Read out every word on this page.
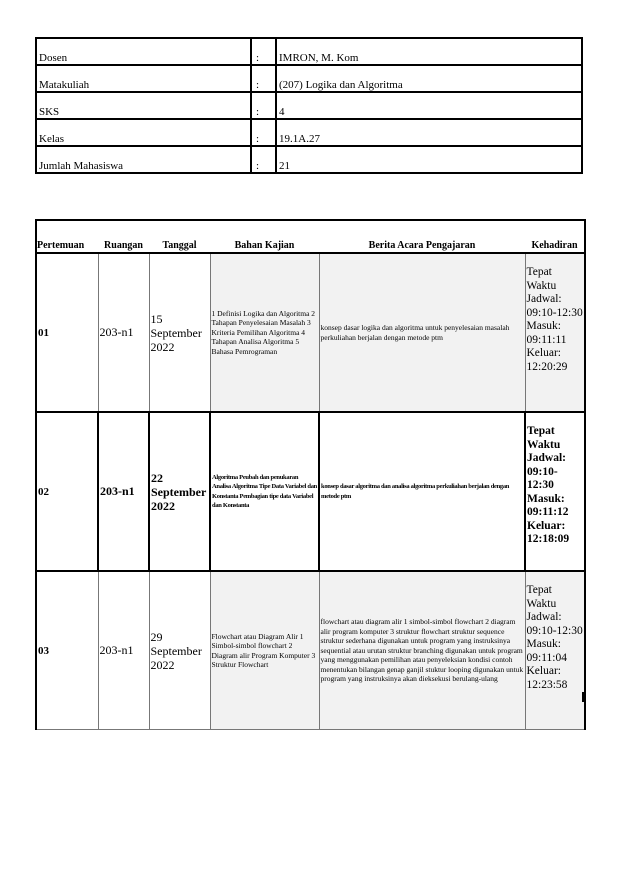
Dosen	:	IMRON, M. Kom
Matakuliah	:	(207) Logika dan Algoritma
SKS	:	4
Kelas	:	19.1A.27
Jumlah Mahasiswa	:	21
Pertemuan	Ruangan	Tanggal	Bahan Kajian	Berita Acara Pengajaran	Kehadiran
01	203-n1	15 September 2022	1 Definisi Logika dan Algoritma 2 Tahapan Penyelesaian Masalah 3 Kriteria Pemilihan Algoritma 4 Tahapan Analisa Algoritma 5 Bahasa Pemrograman	konsep dasar logika dan algoritma untuk penyelesaian masalah perkuliahan berjalan dengan metode ptm	Tepat Waktu Jadwal: 09:10-12:30 Masuk: 09:11:11 Keluar: 12:20:29
02	203-n1	22 September 2022	Algoritma Peubah dan penukaran Analisa Algoritma Tipe Data Variabel dan Konstanta Pembagian tipe data Variabel dan Konstanta	konsep dasar algoritma dan analisa algoritma perkuliahan berjalan dengan metode ptm	Tepat Waktu Jadwal: 09:10-12:30 Masuk: 09:11:12 Keluar: 12:18:09
03	203-n1	29 September 2022	Flowchart atau Diagram Alir 1 Simbol-simbol flowchart 2 Diagram alir Program Komputer 3 Struktur Flowchart	flowchart atau diagram alir 1 simbol-simbol flowchart 2 diagram alir program komputer 3 struktur flowchart struktur sequence struktur sederhana digunakan untuk program yang instruksinya sequential atau urutan struktur branching digunakan untuk program yang menggunakan pemilihan atau penyeleksian kondisi contoh menentukan bilangan genap ganjil stuktur looping digunakan untuk program yang instruksinya akan dieksekusi berulang-ulang	Tepat Waktu Jadwal: 09:10-12:30 Masuk: 09:11:04 Keluar: 12:23:58
